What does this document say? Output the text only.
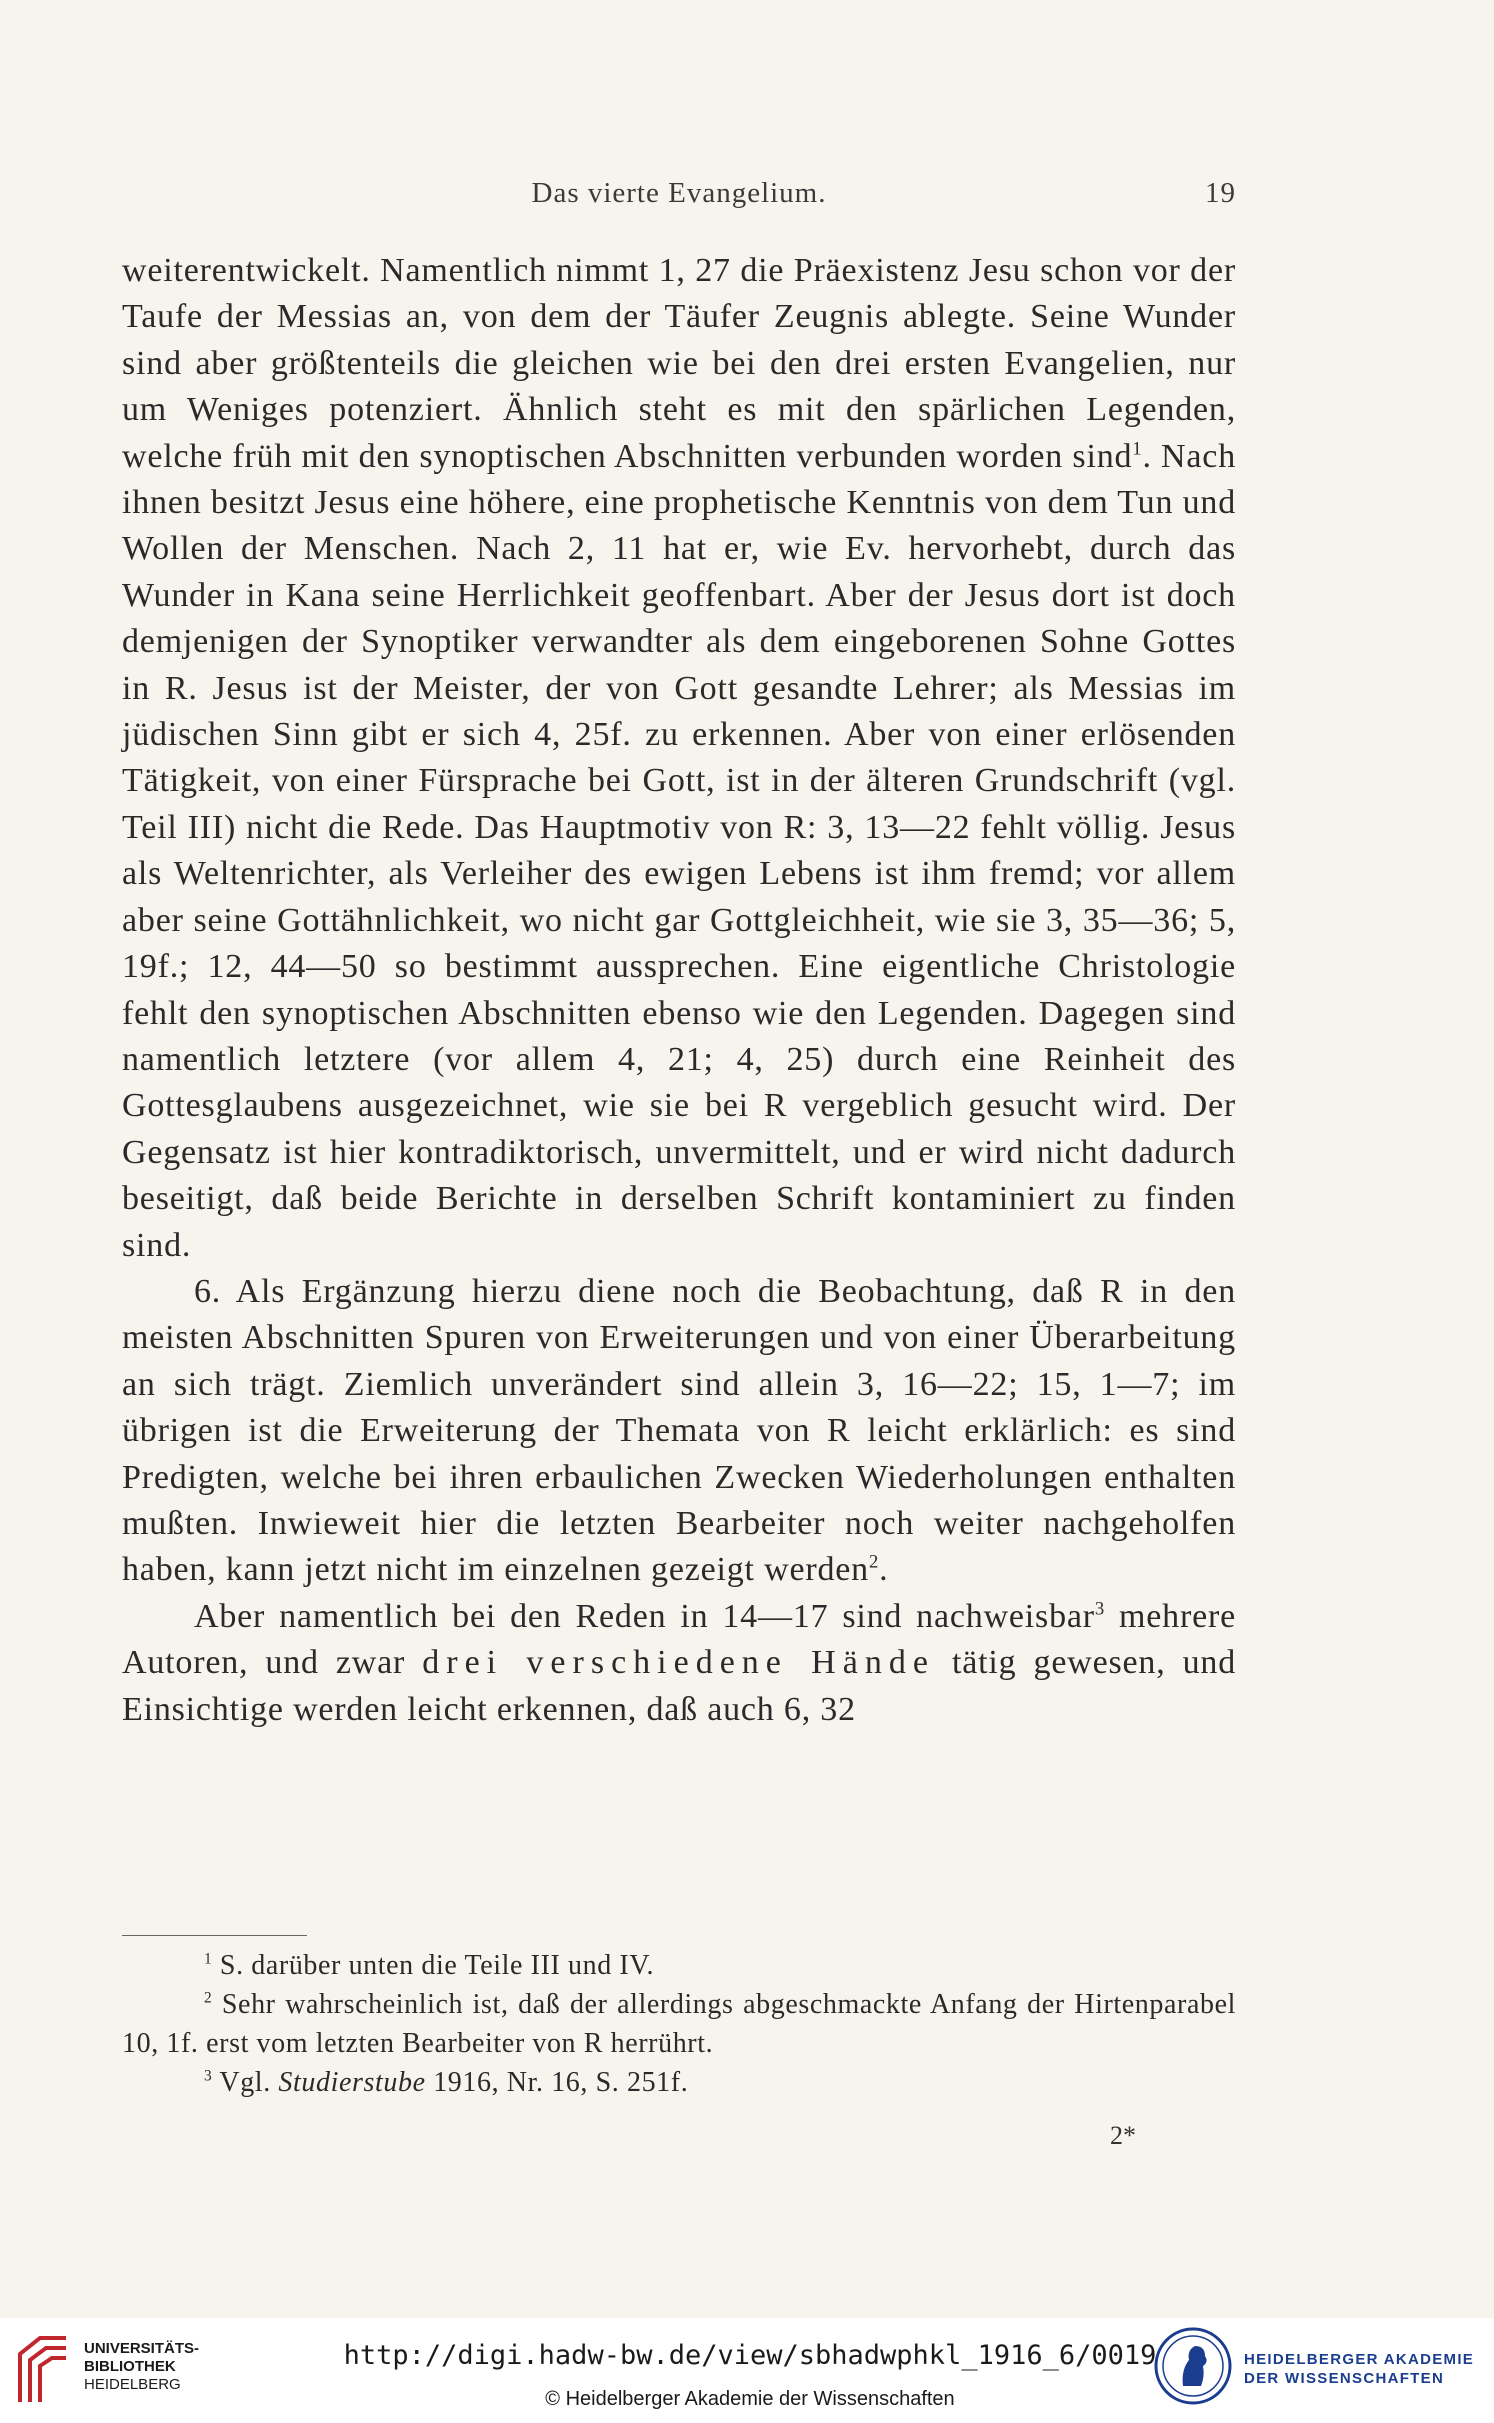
Das vierte Evangelium.	19

weiterentwickelt. Namentlich nimmt 1, 27 die Präexistenz Jesu schon vor der Taufe der Messias an, von dem der Täufer Zeugnis ablegte. Seine Wunder sind aber größtenteils die gleichen wie bei den drei ersten Evangelien, nur um Weniges potenziert. Ähnlich steht es mit den spärlichen Legenden, welche früh mit den synoptischen Abschnitten verbunden worden sind$^1$. Nach ihnen besitzt Jesus eine höhere, eine prophetische Kenntnis von dem Tun und Wollen der Menschen. Nach 2, 11 hat er, wie Ev. hervorhebt, durch das Wunder in Kana seine Herrlichkeit geoffenbart. Aber der Jesus dort ist doch demjenigen der Synoptiker verwandter als dem eingeborenen Sohne Gottes in R. Jesus ist der Meister, der von Gott gesandte Lehrer; als Messias im jüdischen Sinn gibt er sich 4, 25f. zu erkennen. Aber von einer erlösenden Tätigkeit, von einer Fürsprache bei Gott, ist in der älteren Grundschrift (vgl. Teil III) nicht die Rede. Das Hauptmotiv von R: 3, 13—22 fehlt völlig. Jesus als Weltenrichter, als Verleiher des ewigen Lebens ist ihm fremd; vor allem aber seine Gottähnlichkeit, wo nicht gar Gottgleichheit, wie sie 3, 35—36; 5, 19f.; 12, 44—50 so bestimmt aussprechen. Eine eigentliche Christologie fehlt den synoptischen Abschnitten ebenso wie den Legenden. Dagegen sind namentlich letztere (vor allem 4, 21; 4, 25) durch eine Reinheit des Gottesglaubens ausgezeichnet, wie sie bei R vergeblich gesucht wird. Der Gegensatz ist hier kontradiktorisch, unvermittelt, und er wird nicht dadurch beseitigt, daß beide Berichte in derselben Schrift kontaminiert zu finden sind.

6. Als Ergänzung hierzu diene noch die Beobachtung, daß R in den meisten Abschnitten Spuren von Erweiterungen und von einer Überarbeitung an sich trägt. Ziemlich unverändert sind allein 3, 16—22; 15, 1—7; im übrigen ist die Erweiterung der Themata von R leicht erklärlich: es sind Predigten, welche bei ihren erbaulichen Zwecken Wiederholungen enthalten mußten. Inwieweit hier die letzten Bearbeiter noch weiter nachgeholfen haben, kann jetzt nicht im einzelnen gezeigt werden$^2$.

Aber namentlich bei den Reden in 14—17 sind nachweisbar$^3$ mehrere Autoren, und zwar drei verschiedene Hände tätig gewesen, und Einsichtige werden leicht erkennen, daß auch 6, 32

$^1$ S. darüber unten die Teile III und IV.

$^2$ Sehr wahrscheinlich ist, daß der allerdings abgeschmackte Anfang der Hirtenparabel 10, 1f. erst vom letzten Bearbeiter von R herrührt.

$^3$ Vgl. Studierstube 1916, Nr. 16, S. 251f.

2*
UNIVERSITÄTS-
BIBLIOTHEK
HEIDELBERG
http://digi.hadw-bw.de/view/sbhadwphkl_1916_6/0019
© Heidelberger Akademie der Wissenschaften
HEIDELBERGER AKADEMIE
DER WISSENSCHAFTEN
